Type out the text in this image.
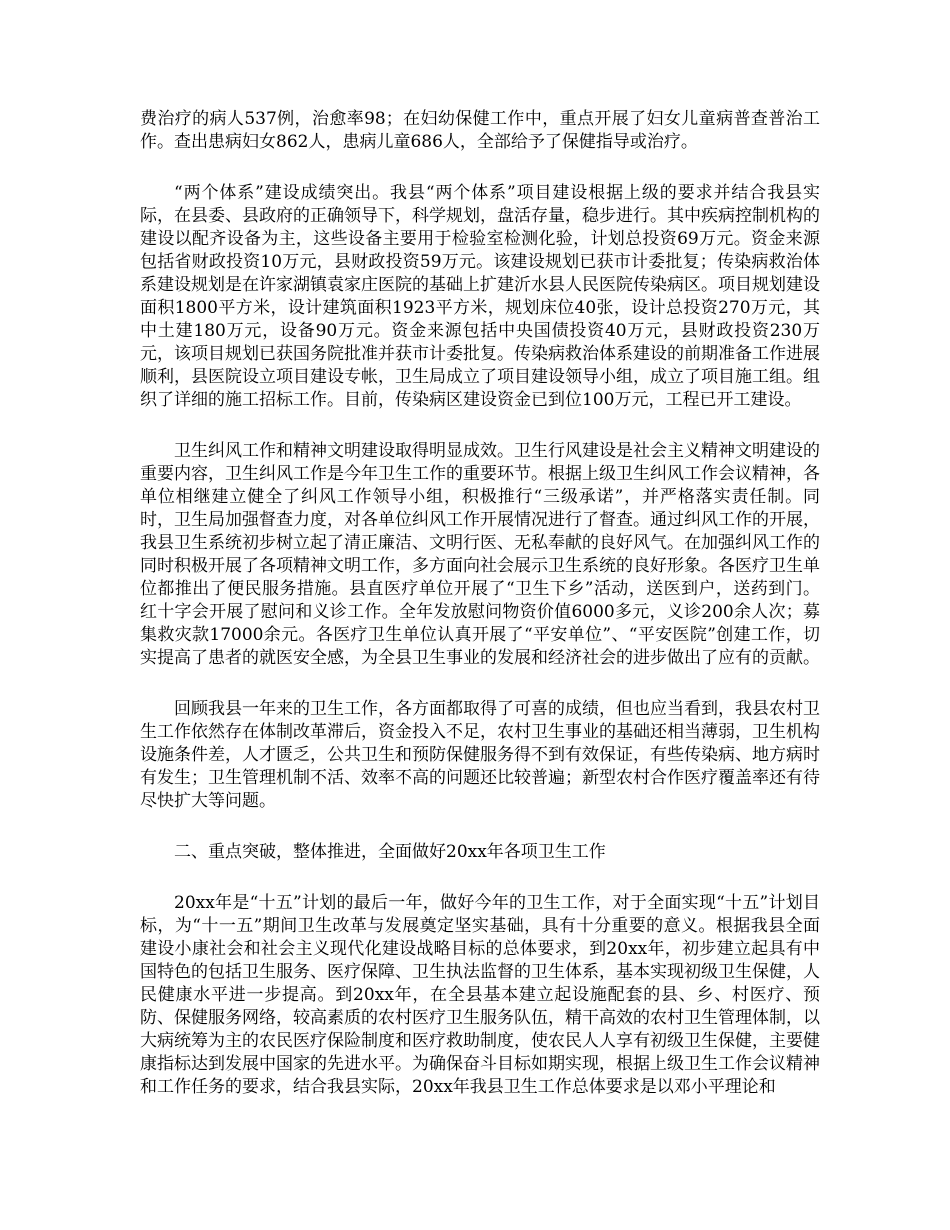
费治疗的病人537例，治愈率98；在妇幼保健工作中，重点开展了妇女儿童病普查普治工作。查出患病妇女862人，患病儿童686人，全部给予了保健指导或治疗。

“两个体系”建设成绩突出。我县“两个体系”项目建设根据上级的要求并结合我县实际，在县委、县政府的正确领导下，科学规划，盘活存量，稳步进行。其中疾病控制机构的建设以配齐设备为主，这些设备主要用于检验室检测化验，计划总投资69万元。资金来源包括省财政投资10万元，县财政投资59万元。该建设规划已获市计委批复；传染病救治体系建设规划是在许家湖镇袁家庄医院的基础上扩建沂水县人民医院传染病区。项目规划建设面积1800平方米，设计建筑面积1923平方米，规划床位40张，设计总投资270万元，其中土建180万元，设备90万元。资金来源包括中央国债投资40万元，县财政投资230万元，该项目规划已获国务院批准并获市计委批复。传染病救治体系建设的前期准备工作进展顺利，县医院设立项目建设专帐，卫生局成立了项目建设领导小组，成立了项目施工组。组织了详细的施工招标工作。目前，传染病区建设资金已到位100万元，工程已开工建设。

卫生纠风工作和精神文明建设取得明显成效。卫生行风建设是社会主义精神文明建设的重要内容，卫生纠风工作是今年卫生工作的重要环节。根据上级卫生纠风工作会议精神，各单位相继建立健全了纠风工作领导小组，积极推行“三级承诺”，并严格落实责任制。同时，卫生局加强督查力度，对各单位纠风工作开展情况进行了督查。通过纠风工作的开展，我县卫生系统初步树立起了清正廉洁、文明行医、无私奉献的良好风气。在加强纠风工作的同时积极开展了各项精神文明工作，多方面向社会展示卫生系统的良好形象。各医疗卫生单位都推出了便民服务措施。县直医疗单位开展了“卫生下乡”活动，送医到户，送药到门。红十字会开展了慰问和义诊工作。全年发放慰问物资价值6000多元，义诊200余人次；募集救灾款17000余元。各医疗卫生单位认真开展了“平安单位”、“平安医院”创建工作，切实提高了患者的就医安全感，为全县卫生事业的发展和经济社会的进步做出了应有的贡献。

回顾我县一年来的卫生工作，各方面都取得了可喜的成绩，但也应当看到，我县农村卫生工作依然存在体制改革滞后，资金投入不足，农村卫生事业的基础还相当薄弱，卫生机构设施条件差，人才匮乏，公共卫生和预防保健服务得不到有效保证，有些传染病、地方病时有发生；卫生管理机制不活、效率不高的问题还比较普遍；新型农村合作医疗覆盖率还有待尽快扩大等问题。

二、重点突破，整体推进，全面做好20xx年各项卫生工作

20xx年是“十五”计划的最后一年，做好今年的卫生工作，对于全面实现“十五”计划目标，为“十一五”期间卫生改革与发展奠定坚实基础，具有十分重要的意义。根据我县全面建设小康社会和社会主义现代化建设战略目标的总体要求，到20xx年，初步建立起具有中国特色的包括卫生服务、医疗保障、卫生执法监督的卫生体系，基本实现初级卫生保健，人民健康水平进一步提高。到20xx年，在全县基本建立起设施配套的县、乡、村医疗、预防、保健服务网络，较高素质的农村医疗卫生服务队伍，精干高效的农村卫生管理体制，以大病统筹为主的农民医疗保险制度和医疗救助制度，使农民人人享有初级卫生保健，主要健康指标达到发展中国家的先进水平。为确保奋斗目标如期实现，根据上级卫生工作会议精神和工作任务的要求，结合我县实际，20xx年我县卫生工作总体要求是以邓小平理论和
